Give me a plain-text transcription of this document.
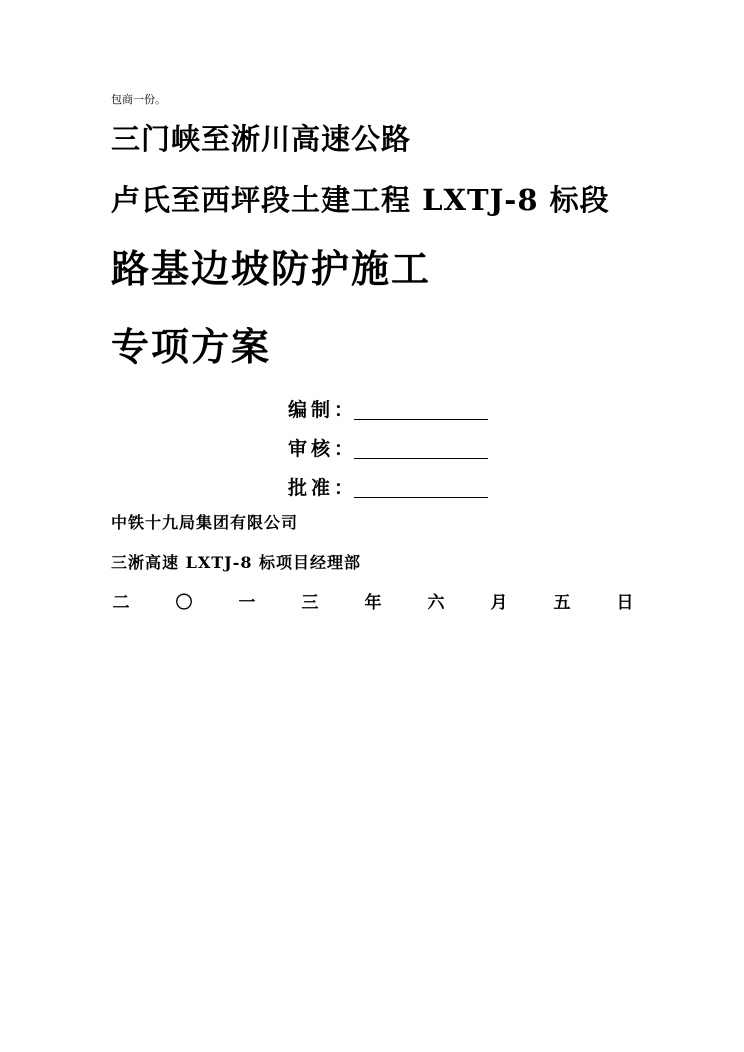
包商一份。
三门峡至淅川高速公路
卢氏至西坪段土建工程 LXTJ-8 标段
路基边坡防护施工
专项方案
编制：
审核：
批准：
中铁十九局集团有限公司
三淅高速 LXTJ-8 标项目经理部
二	〇	一	三	年	六	月	五	日
